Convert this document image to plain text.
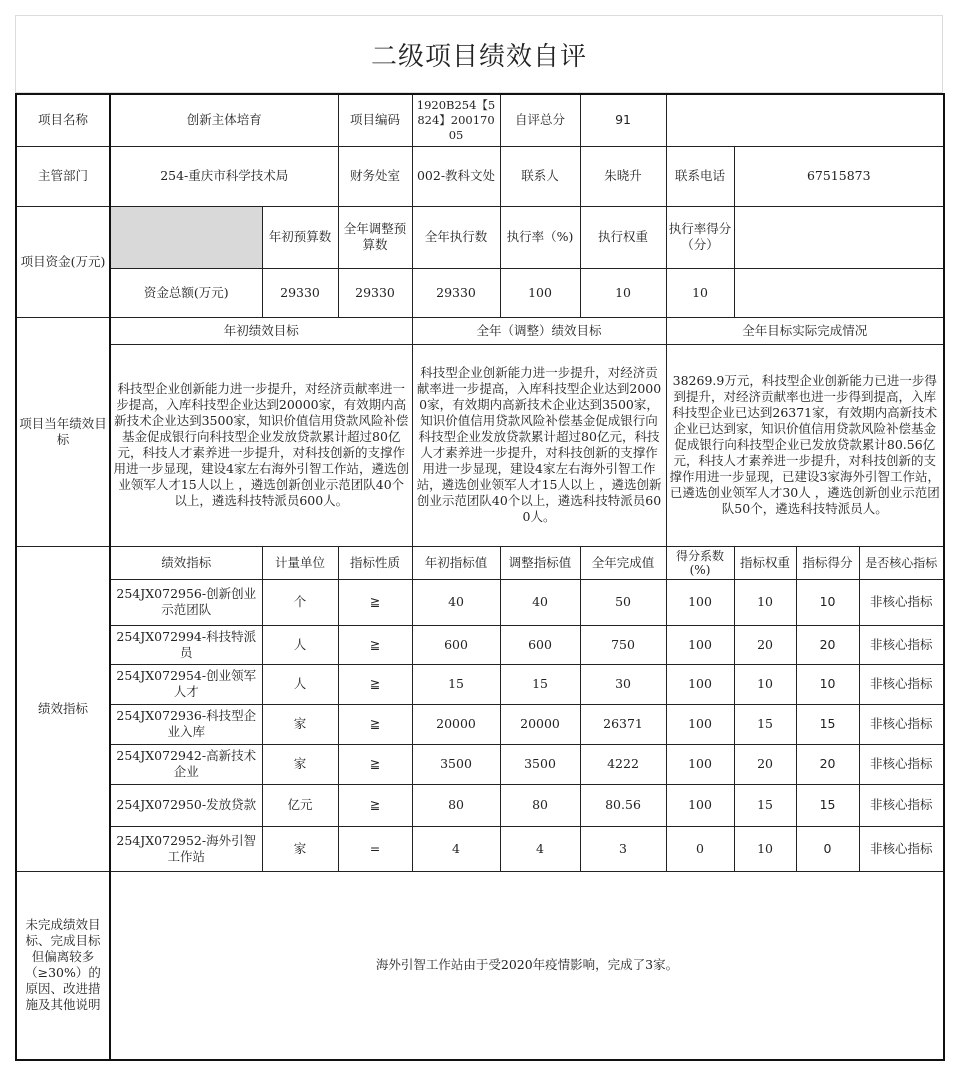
二级项目绩效自评
项目名称	创新主体培育		项目编码	1920B254【5824】20017005	自评总分	91				
主管部门	254-重庆市科学技术局		财务处室	002-教科文处	联系人	朱晓升	联系电话	67515873		
项目资金(万元)		年初预算数	全年调整预算数	全年执行数	执行率（%)	执行权重	执行率得分（分）			
	资金总额(万元)	29330	29330	29330	100	10	10			
项目当年绩效目标	年初绩效目标			全年（调整）绩效目标			全年目标实际完成情况			
	科技型企业创新能力进一步提升，对经济贡献率进一步提高，入库科技型企业达到20000家，有效期内高新技术企业达到3500家，知识价值信用贷款风险补偿基金促成银行向科技型企业发放贷款累计超过80亿元，科技人才素养进一步提升，对科技创新的支撑作用进一步显现，建设4家左右海外引智工作站，遴选创业领军人才15人以上 ，遴选创新创业示范团队40个以上，遴选科技特派员600人。			科技型企业创新能力进一步提升，对经济贡献率进一步提高，入库科技型企业达到20000家，有效期内高新技术企业达到3500家，知识价值信用贷款风险补偿基金促成银行向科技型企业发放贷款累计超过80亿元，科技人才素养进一步提升，对科技创新的支撑作用进一步显现，建设4家左右海外引智工作站，遴选创业领军人才15人以上 ，遴选创新创业示范团队40个以上，遴选科技特派员600人。			38269.9万元，科技型企业创新能力已进一步得到提升，对经济贡献率也进一步得到提高，入库科技型企业已达到26371家，有效期内高新技术企业已达到家，知识价值信用贷款风险补偿基金促成银行向科技型企业已发放贷款累计80.56亿元，科技人才素养进一步提升，对科技创新的支撑作用进一步显现，已建设3家海外引智工作站，已遴选创业领军人才30人 ，遴选创新创业示范团队50个，遴选科技特派员人。			
绩效指标	绩效指标	计量单位	指标性质	年初指标值	调整指标值	全年完成值	得分系数(%)	指标权重	指标得分	是否核心指标
	254JX072956-创新创业示范团队	个	≧	40	40	50	100	10	10	非核心指标
	254JX072994-科技特派员	人	≧	600	600	750	100	20	20	非核心指标
	254JX072954-创业领军人才	人	≧	15	15	30	100	10	10	非核心指标
	254JX072936-科技型企业入库	家	≧	20000	20000	26371	100	15	15	非核心指标
	254JX072942-高新技术企业	家	≧	3500	3500	4222	100	20	20	非核心指标
	254JX072950-发放贷款	亿元	≧	80	80	80.56	100	15	15	非核心指标
	254JX072952-海外引智工作站	家	=	4	4	3	0	10	0	非核心指标
未完成绩效目标、完成目标但偏离较多（≥30%）的原因、改进措施及其他说明	海外引智工作站由于受2020年疫情影响，完成了3家。									
